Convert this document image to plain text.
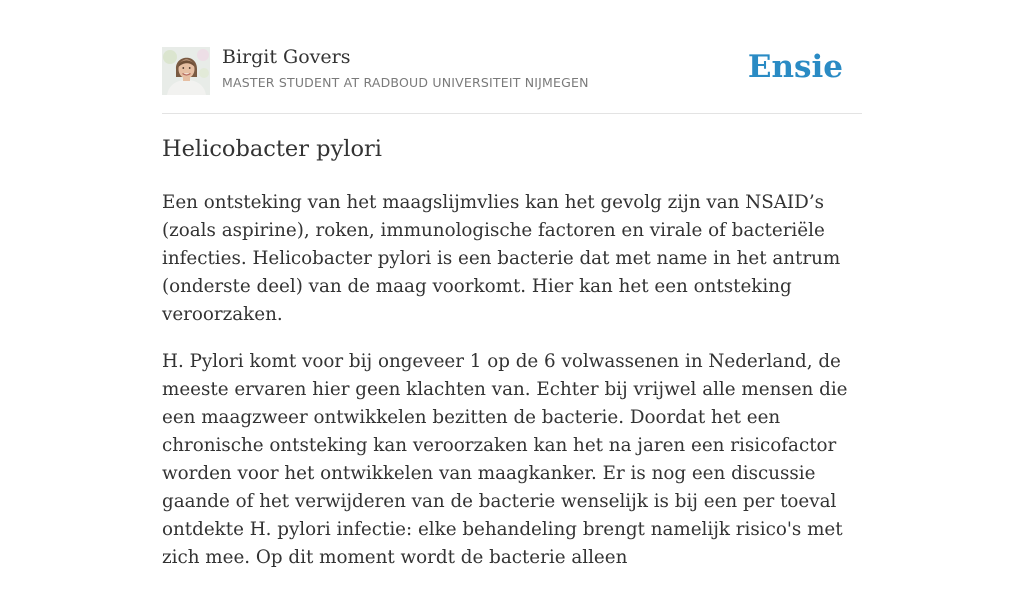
Birgit Govers
MASTER STUDENT AT RADBOUD UNIVERSITEIT NIJMEGEN	Ensie
Helicobacter pylori

Een ontsteking van het maagslijmvlies kan het gevolg zijn van NSAID’s (zoals aspirine), roken, immunologische factoren en virale of bacteriële infecties. Helicobacter pylori is een bacterie dat met name in het antrum (onderste deel) van de maag voorkomt. Hier kan het een ontsteking veroorzaken.

H. Pylori komt voor bij ongeveer 1 op de 6 volwassenen in Nederland, de meeste ervaren hier geen klachten van. Echter bij vrijwel alle mensen die een maagzweer ontwikkelen bezitten de bacterie. Doordat het een chronische ontsteking kan veroorzaken kan het na jaren een risicofactor worden voor het ontwikkelen van maagkanker. Er is nog een discussie gaande of het verwijderen van de bacterie wenselijk is bij een per toeval ontdekte H. pylori infectie: elke behandeling brengt namelijk risico's met zich mee. Op dit moment wordt de bacterie alleen
